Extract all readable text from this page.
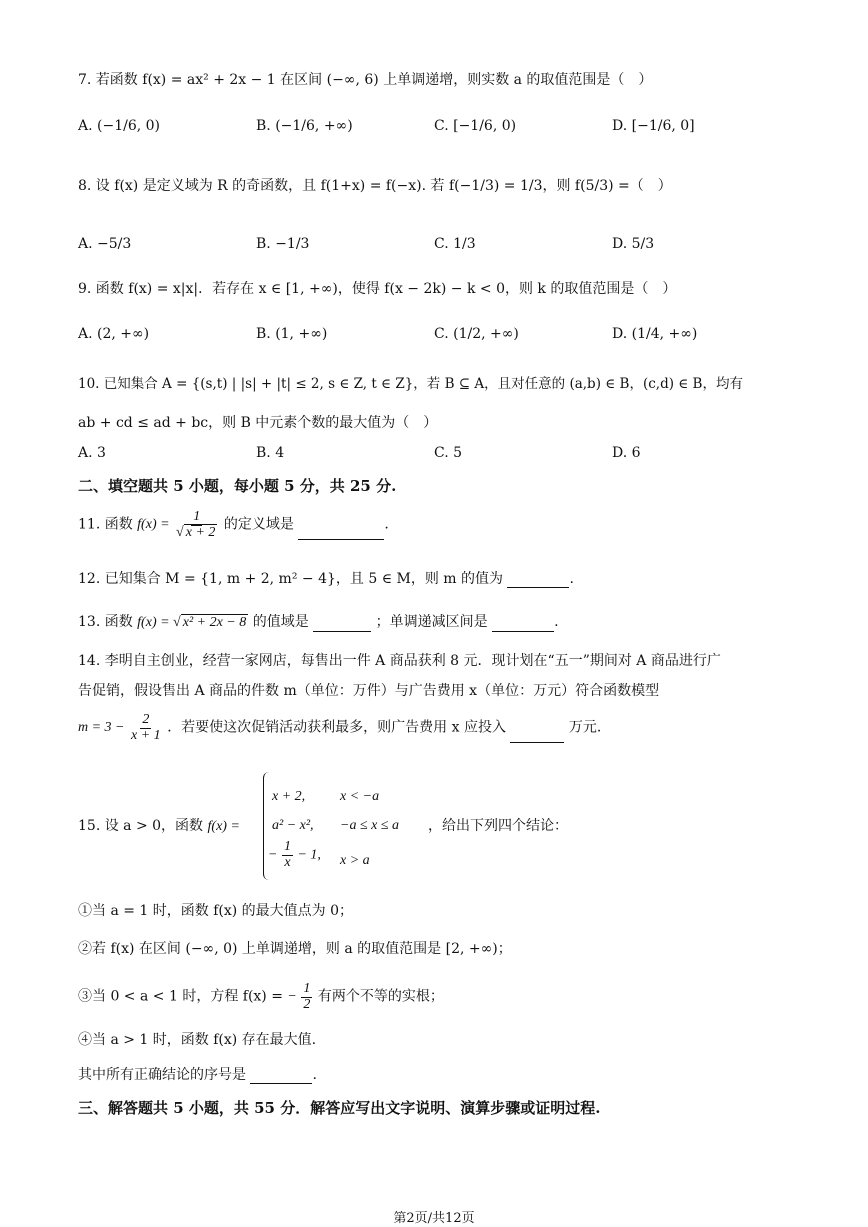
7. 若函数 f(x) = ax² + 2x − 1 在区间 (−∞, 6) 上单调递增，则实数 a 的取值范围是（　）
A. (−1/6, 0)	B. (−1/6, +∞)	C. [−1/6, 0)	D. [−1/6, 0]
8. 设 f(x) 是定义域为 R 的奇函数，且 f(1+x) = f(−x). 若 f(−1/3) = 1/3，则 f(5/3) =（　）
A. −5/3	B. −1/3	C. 1/3	D. 5/3
9. 函数 f(x) = x|x|．若存在 x ∈ [1, +∞)，使得 f(x − 2k) − k < 0，则 k 的取值范围是（　）
A. (2, +∞)	B. (1, +∞)	C. (1/2, +∞)	D. (1/4, +∞)
10. 已知集合 A = {(s,t) | |s| + |t| ≤ 2, s ∈ Z, t ∈ Z}，若 B ⊆ A，且对任意的 (a,b) ∈ B，(c,d) ∈ B，均有
ab + cd ≤ ad + bc，则 B 中元素个数的最大值为（　）
A. 3	B. 4	C. 5	D. 6
二、填空题共 5 小题，每小题 5 分，共 25 分.
11. 函数 $f(x) = \frac{1}{√ x + 2}$ 的定义域是	.
12. 已知集合 M = {1, m + 2, m² − 4}，且 5 ∈ M，则 m 的值为	.
13. 函数 f(x) = √ x² + 2x − 8 的值域是	；单调递减区间是	.
14. 李明自主创业，经营一家网店，每售出一件 A 商品获利 8 元．现计划在“五一”期间对 A 商品进行广
告促销，假设售出 A 商品的件数 m（单位：万件）与广告费用 x（单位：万元）符合函数模型
$m = 3 - \frac{2}{x + 1}$ ．若要使这次促销活动获利最多，则广告费用 x 应投入	万元.
15. 设 a > 0，函数 f(x) =
x + 2, x < −a
a² − x², −a ≤ x ≤ a ，给出下列四个结论：
− $\frac{1}{x} - 1$, x > a
①当 a = 1 时，函数 f(x) 的最大值点为 0；
②若 f(x) 在区间 (−∞, 0) 上单调递增，则 a 的取值范围是 [2, +∞)；
③当 0 < a < 1 时，方程 f(x) = − $\frac{1}{2}$ 有两个不等的实根；
④当 a > 1 时，函数 f(x) 存在最大值.
其中所有正确结论的序号是	.
三、解答题共 5 小题，共 55 分．解答应写出文字说明、演算步骤或证明过程.
第2页/共12页
